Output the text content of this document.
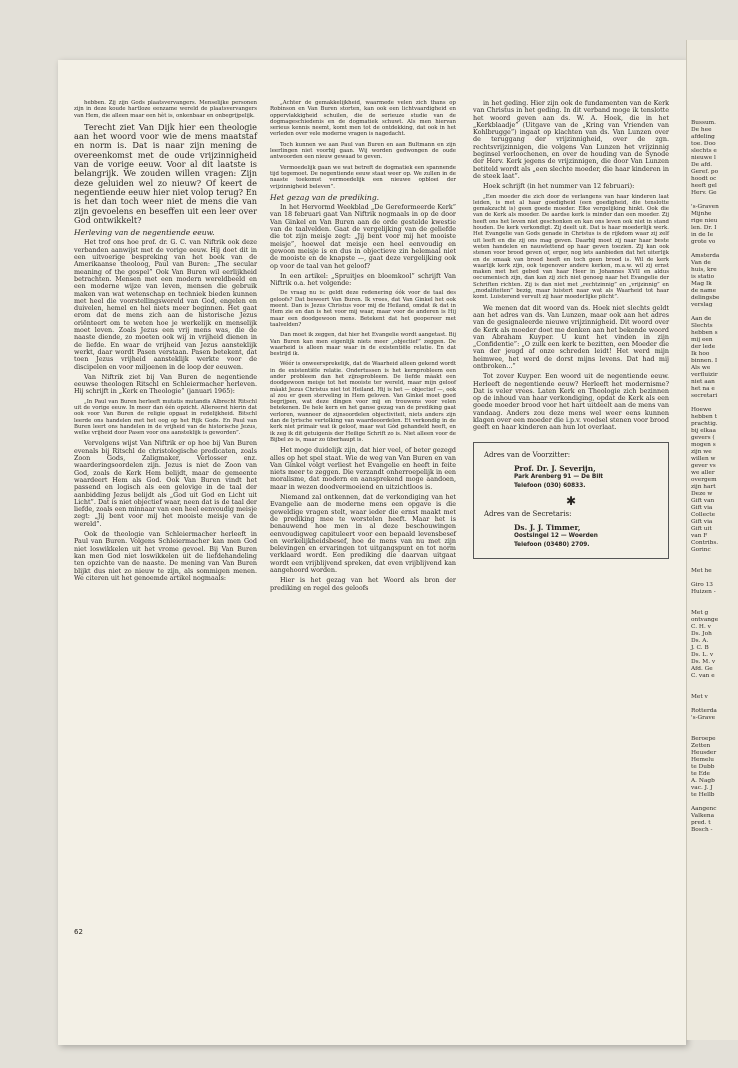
hebben. Zij zijn Gods plaatsvervangers. Menselijke personen zijn in deze koude hartloze eenzame wereld de plaatsvervangers van Hem, die alleen maar een hèt is, onkenbaar en onbegrijpelijk.

Terecht ziet Van Dijk hier een theologie aan het woord voor wie de mens maatstaf en norm is. Dat is naar zijn mening de overeenkomst met de oude vrijzinnigheid van de vorige eeuw. Voor al dit laatste is belangrijk. We zouden willen vragen: Zijn deze geluiden wel zo nieuw? Of keert de negentiende eeuw hier niet volop terug? En is het dan toch weer niet de mens die van zijn gevoelens en beseffen uit een leer over God ontwikkelt?

Herleving van de negentiende eeuw.

Het trof ons hoe prof. dr. G. C. van Niftrik ook deze verbanden aanwijst met de vorige eeuw. Hij doet dit in een uitvoerige bespreking van het boek van de Amerikaanse theoloog, Paul van Buren: „The secular meaning of the gospel” Ook Van Buren wil eerlijkheid betrachten. Mensen met een modern wereldbeeld en een moderne wijze van leven, mensen die gebruik maken van wat wetenschap en techniek bieden kunnen met heel die voorstellingswereld van God, engelen en duivelen, hemel en hel niets meer beginnen. Het gaat erom dat de mens zich aan de historische Jezus oriënteert om te weten hoe je werkelijk en menselijk moet leven. Zoals Jezus een vrij mens was, die de naaste diende, zo moeten ook wij in vrijheid dienen in de liefde. En waar de vrijheid van Jezus aansteklijk werkt, daar wordt Pasen verstaan. Pasen betekent, dat toen Jezus vrijheid aansteklijk werkte voor de discipelen en voor miljoenen in de loop der eeuwen.

Van Niftrik ziet bij Van Buren de negentiende eeuwse theologen Ritschl en Schleiermacher herleven. Hij schrijft in „Kerk en Theologie” (januari 1965):

„In Paul van Buren herleeft mutatis mutandis Albrecht Ritschl uit de vorige eeuw. In meer dan één opzicht. Allereerst hierin dat ook voor Van Buren de religie opgaat in redelijkheid. Bitschl leerde ons handelen met het oog op het Rijk Gods. En Paul van Buren leert ons handelen in de vrijheid van de historische Jezus, welke vrijheid door Pasen voor ons aansteklijk is geworden”.

Vervolgens wijst Van Niftrik er op hoe bij Van Buren evenals bij Ritschl de christologische predicaten, zoals Zoon Gods, Zaligmaker, Verlosser enz. waarderingsoordelen zijn. Jezus is niet de Zoon van God, zoals de Kerk Hem belijdt, maar de gemeente waardeert Hem als God. Ook Van Buren vindt het passend en logisch als een gelovige in de taal der aanbidding Jezus belijdt als „God uit God en Licht uit Licht”. Dat is niet objectief waar, neen dat is de taal der liefde, zoals een minnaar van een heel eenvoudig meisje zegt: „Jij bent voor mij het mooiste meisje van de wereld”.

Ook de theologie van Schleiermacher herleeft in Paul van Buren. Volgens Schleiermacher kan men God niet loswikkelen uit het vrome gevoel. Bij Van Buren kan men God niet loswikkelen uit de liefdehandeling ten opzichte van de naaste. De mening van Van Buren blijkt dus niet zo nieuw te zijn, als sommigen menen. We citeren uit het genoemde artikel nogmaals:

„Achter de gemakkelijkheid, waarmede velen zich thans op Robinson en Van Buren storten, kan ook een lichtvaardigheid en oppervlakkigheid schuilen, die de serieuze studie van de dogmageschiedenis en de dogmatiek schuwt. Als men hiervan serieus kennis neemt, komt men tot de ontdekking, dat ook in het verleden over vele moderne vragen is nagedacht.

Toch kunnen we aan Paul van Buren en aan Bultmann en zijn leerlingen niet voorbij gaan. Wij worden gedwongen de oude antwoorden een nieuw gewaad te geven.

Vermoedelijk gaan we wat betreft de dogmatiek een spannende tijd tegemoet. De negentiende eeuw staat weer op. We zullen in de naaste toekomst vermoedelijk een nieuwe opbloei der vrijzinnigheid beleven”.

Het gezag van de prediking.

In het Hervormd Weekblad „De Gereformeerde Kerk” van 18 februari gaat Van Niftrik nogmaals in op de door Van Ginkel en Van Buren aan de orde gestelde kwestie van de taalvelden. Gaat de vergelijking van de geliefde die tot zijn meisje zegt: „Jij bent voor mij het mooiste meisje”, hoewel dat meisje een heel eenvoudig en gewoon meisje is en dus in objectieve zin helemaal niet de mooiste en de knapste —, gaat deze vergelijking ook op voor de taal van het geloof?

In een artikel: „Spruitjes en bloemkool” schrijft Van Niftrik o.a. het volgende:

De vraag nu is: geldt deze redenering óók voor de taal des geloofs? Dat beweert Van Buren. Ik vrees, dat Van Ginkel het ook meent. Dan is Jezus Christus voor mij de Heiland, omdat ik dat in Hem zie en dan is het voor mij waar, maar voor de anderen is Hij maar een doodgewoon mens. Betekent dat het geopereer met taalvelden?

Dan moet ik zeggen, dat hier het Evangelie wordt aangetast. Bij Van Buren kan men eigenlijk niets meer „objectief” zeggen. De waarheid is alleen maar waar in de existentiële relatie. En dat bestrijd ik.

Wéér is onweersprekelijk, dat de Waarheid alleen gekend wordt in de existentiële relatie. Ondertussen is het kernprobleem een ander probleem dan het zijnsprobleem. De liefde màakt een doodgewoon meisje tot het mooiste ter wereld, maar mijn geloof màakt Jezus Christus niet tot Heiland. Hij is het — objectief —, ook al zou er geen sterveling in Hem geloven. Van Ginkel moet goed begrijpen, wat deze dingen voor mij en trouwens voor velen betekenen. De hele kern en het ganse gezag van de prediking gaat verloren, wanneer de zijnsoordelen objectiviteit, niets anders zijn dan de lyrische vertolking van waardeoordelen. Et verkondig in de kerk niet primair wat ik geloof, maar wat Gòd gehandeld heeft, en ik zeg ik dit getuigenis der Heilige Schrift zo is. Niet alleen voor de Bijbel zo is, maar zo überhaupt is.

Het moge duidelijk zijn, dat hier veel, of beter gezegd alles op het spel staat. Wie de weg van Van Buren en van Van Ginkel volgt verliest het Evangelie en heeft in feite niets meer te zeggen. Die verzandt onherroepelijk in een moralisme, dat modern en aansprekend moge aandoen, maar in wezen doodvermoeiend en uitzichtloos is.

Niemand zal ontkennen, dat de verkondiging van het Evangelie aan de moderne mens een opgave is die geweldige vragen stelt, waar ieder die ernst maakt met de prediking mee te worstelen heeft. Maar het is benauwend hoe men in al deze beschouwingen eenvoudigweg capituleert voor een bepaald levensbesef en werkelijkheidsbesef, hoe de mens van nu met zijn belevingen en ervaringen tot uitgangspunt en tot norm verklaard wordt. Een prediking die daarvan uitgaat wordt een vrijblijvend spreken, dat even vrijblijvend kan aangehoord worden.

Hier is het gezag van het Woord als bron der prediking en regel des geloofs

in het geding. Hier zijn ook de fundamenten van de Kerk van Christus in het geding. In dit verband moge ik tenslotte het woord geven aan ds. W. A. Hoek, die in het „Kerkblaadje” (Uitgave van de „Kring van Vrienden van Kohlbrugge”) ingaat op klachten van ds. Van Lunzen over de teruggang der vrijzinnigheid, over de zgn. rechtsvrijzinnigen, die volgens Van Lunzen het vrijzinnig beginsel verloochenen, en over de houding van de Synode der Herv. Kerk jegens de vrijzinnigen, die door Van Lunzen betiteld wordt als „een slechte moeder, die haar kinderen in de steek laat”.

Hoek schrijft (in het nummer van 12 februari):

„Een moeder die zich door de verlangens van haar kinderen laat leiden, is met al haar goedigheid (een goedigheid, die tenslotte gemakzucht is) geen goede moeder. Elke vergelijking hinkt. Ook die van de Kerk als moeder. De aardse kerk is minder dan een moeder. Zij heeft ons het leven niet geschonken en kan ons leven ook niet in stand houden. De kerk verkondigt. Zij deelt uit. Dat is haar moederlijk werk. Het Evangelie van Gods genade in Christus is de rijkdom waar zij zelf uit leeft en die zij ons mag geven. Daarbij moet zij naar haar beste weten handelen en nauwlettend op haar geven toezien. Zij kan ook stenen voor brood geven of, erger, nog iets aanbieden dat het uiterlijk en de smaak van brood heeft en toch geen brood is. Wil de kerk waarlijk kerk zijn, ook tegenover andere kerken, m.a.w. wil zij ernst maken met het gebed van haar Heer in Johannes XVII en aldus oecumenisch zijn, dan kan zij zich niet genoeg naar het Evangelie der Schriften richten. Zij is dan niet met „rechtzinnig” en „vrijzinnig” en „modaliteiten” bezig, maar luistert naar wat als Waarheid tot haar komt. Luisterend vervult zij haar moederlijke plicht”.

We menen dat dit woord van ds. Hoek niet slechts geldt aan het adres van ds. Van Lunzen, maar ook aan het adres van de gesignaleerde nieuwe vrijzinnigheid. Dit woord over de Kerk als moeder doet me denken aan het bekende woord van Abraham Kuyper. U kunt het vinden in zijn „Confidentie”: „O zulk een kerk te bezitten, een Moeder die van der jeugd af onze schreden leidt! Het werd mijn heimwee, het werd de dorst mijns levens. Dat had mij ontbroken...”

Tot zover Kuyper. Een woord uit de negentiende eeuw. Herleeft de negentiende eeuw? Herleeft het modernisme? Dat is veler vrees. Laten Kerk en Theologie zich bezinnen op de inhoud van haar verkondiging, opdat de Kerk als een goede moeder brood voor het hart uitdeelt aan de mens van vandaag. Anders zou deze mens wel weer eens kunnen klagen over een moeder die i.p.v. voedsel stenen voor brood geeft en haar kinderen aan hun lot overlaat.

Adres van de Voorzitter:
Prof. Dr. J. Severijn,
Park Arenberg 91 — De Bilt
Telefoon (030) 60833.
✱
Adres van de Secretaris:
Ds. J. J. Timmer,
Oostsingel 12 — Woerden
Telefoon (03480) 2709.
62
Bussum.
De hee
afdeling
toe. Doo
slechts e
nieuwe l
De afd.
Geref. po
hoodt oc
heeft gel
Herv. Ge
's-Graven
Mijnhe
rige nieu
len. Dr. I
in de Ie
grote vo
Amsterda
Van de
huis, kre
is statio
Mag Ik
de name
delingsbe
verslag
Aan de
Slechts
hebben s
mij een
der lede
Ik hoo
binnen. I
Als we
verfluizir
niet aan
het na e
secretari
Hoewe
hebben t
prachtig.
bij elkaa
gevers (
mogen s
zijn we
willen w
gever vs
we aller
overgem
zijn hart
Deze w
Gift van
Gift via
Collecte
Gift via
Gift uit
van F
Contribs.
Gorinc
Met he
Giro 13
Huizen -
Met g
ontvange
C. H. v
Ds. Joh
Ds. A.
J. C. B
Ds. L. v
Ds. M. v
Afd. Ge
C. van e
Met v
Rotterda
's-Grave
Beroepe
Zetten
Heusder
Hemelu
te Dubb
te Ede
A. Nagb
vac. J. J
te Hellb
Aangenc
Valkena
pred. t
Bosch -
